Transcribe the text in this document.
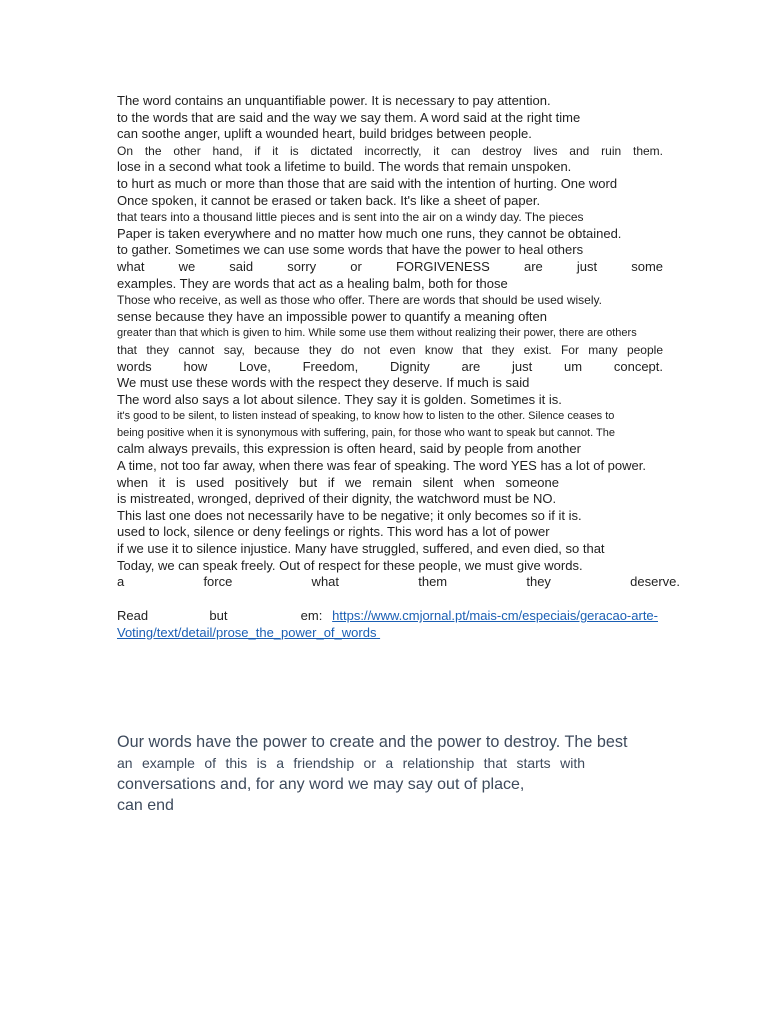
The word contains an unquantifiable power. It is necessary to pay attention.
to the words that are said and the way we say them. A word said at the right time
can soothe anger, uplift a wounded heart, build bridges between people.
On the other hand, if it is dictated incorrectly, it can destroy lives and ruin them.
lose in a second what took a lifetime to build. The words that remain unspoken.
to hurt as much or more than those that are said with the intention of hurting. One word
Once spoken, it cannot be erased or taken back. It's like a sheet of paper.
that tears into a thousand little pieces and is sent into the air on a windy day. The pieces
Paper is taken everywhere and no matter how much one runs, they cannot be obtained.
to gather. Sometimes we can use some words that have the power to heal others
what we said sorry or FORGIVENESS are just some
examples. They are words that act as a healing balm, both for those
Those who receive, as well as those who offer. There are words that should be used wisely.
sense because they have an impossible power to quantify a meaning often
greater than that which is given to him. While some use them without realizing their power, there are others
that they cannot say, because they do not even know that they exist. For many people
words how Love, Freedom, Dignity are just um concept.
We must use these words with the respect they deserve. If much is said
The word also says a lot about silence. They say it is golden. Sometimes it is.
it's good to be silent, to listen instead of speaking, to know how to listen to the other. Silence ceases to
being positive when it is synonymous with suffering, pain, for those who want to speak but cannot. The
calm always prevails, this expression is often heard, said by people from another
A time, not too far away, when there was fear of speaking. The word YES has a lot of power.
when it is used positively but if we remain silent when someone
is mistreated, wronged, deprived of their dignity, the watchword must be NO.
This last one does not necessarily have to be negative; it only becomes so if it is.
used to lock, silence or deny feelings or rights. This word has a lot of power
if we use it to silence injustice. Many have struggled, suffered, and even died, so that
Today, we can speak freely. Out of respect for these people, we must give words.
a force what them they deserve.
Read	but	em: https://www.cmjornal.pt/mais-cm/especiais/geracao-arte-
Voting/text/detail/prose_the_power_of_words
Our words have the power to create and the power to destroy. The best
an example of this is a friendship or a relationship that starts with
conversations and, for any word we may say out of place,
can end
